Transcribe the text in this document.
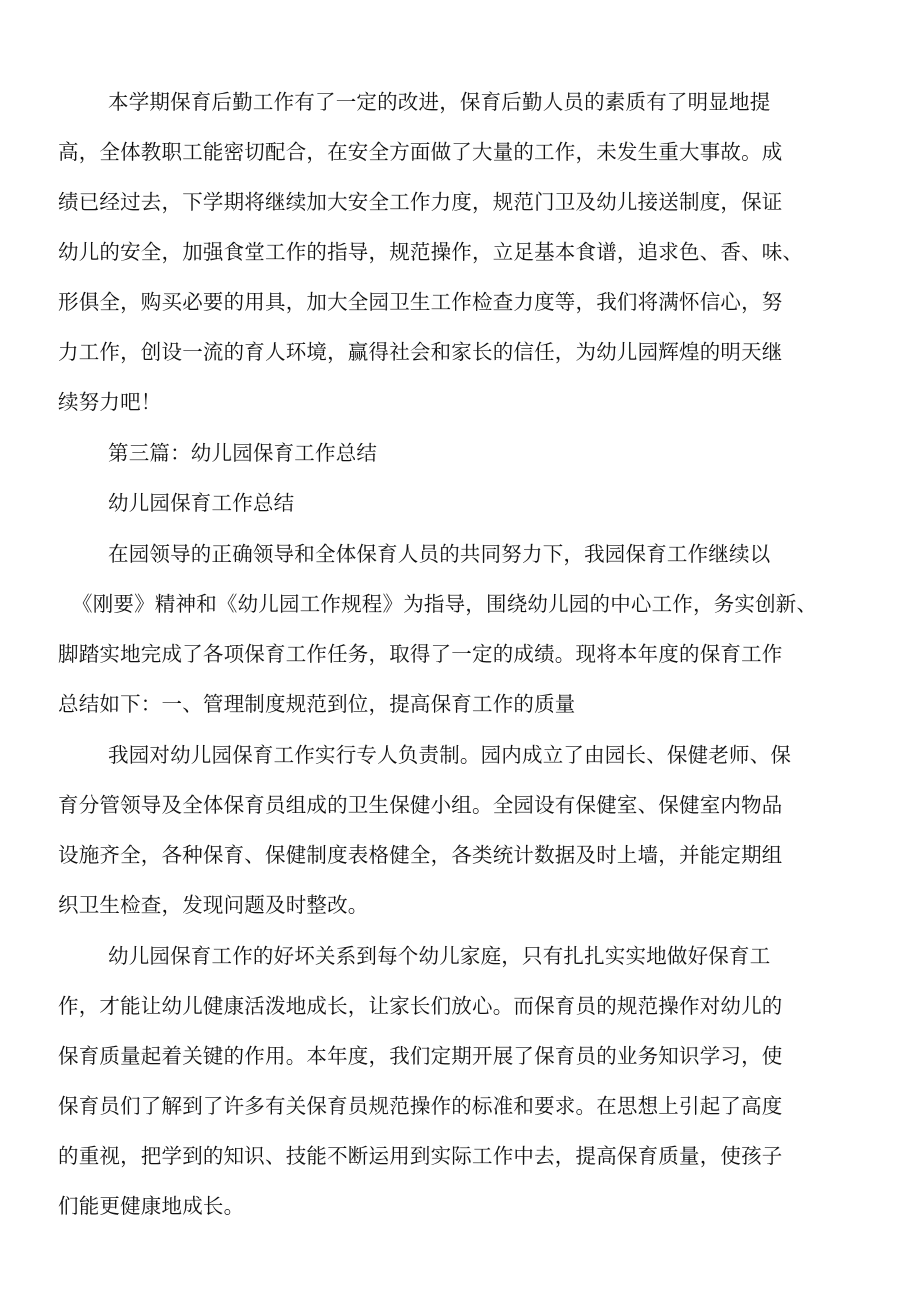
本学期保育后勤工作有了一定的改进，保育后勤人员的素质有了明显地提
高，全体教职工能密切配合，在安全方面做了大量的工作，未发生重大事故。成
绩已经过去，下学期将继续加大安全工作力度，规范门卫及幼儿接送制度，保证
幼儿的安全，加强食堂工作的指导，规范操作，立足基本食谱，追求色、香、味、
形俱全，购买必要的用具，加大全园卫生工作检查力度等，我们将满怀信心，努
力工作，创设一流的育人环境，赢得社会和家长的信任，为幼儿园辉煌的明天继
续努力吧！
第三篇：幼儿园保育工作总结
幼儿园保育工作总结
在园领导的正确领导和全体保育人员的共同努力下，我园保育工作继续以
《刚要》精神和《幼儿园工作规程》为指导，围绕幼儿园的中心工作，务实创新、
脚踏实地完成了各项保育工作任务，取得了一定的成绩。现将本年度的保育工作
总结如下：一、管理制度规范到位，提高保育工作的质量
我园对幼儿园保育工作实行专人负责制。园内成立了由园长、保健老师、保
育分管领导及全体保育员组成的卫生保健小组。全园设有保健室、保健室内物品
设施齐全，各种保育、保健制度表格健全，各类统计数据及时上墙，并能定期组
织卫生检查，发现问题及时整改。
幼儿园保育工作的好坏关系到每个幼儿家庭，只有扎扎实实地做好保育工
作，才能让幼儿健康活泼地成长，让家长们放心。而保育员的规范操作对幼儿的
保育质量起着关键的作用。本年度，我们定期开展了保育员的业务知识学习，使
保育员们了解到了许多有关保育员规范操作的标准和要求。在思想上引起了高度
的重视，把学到的知识、技能不断运用到实际工作中去，提高保育质量，使孩子
们能更健康地成长。
